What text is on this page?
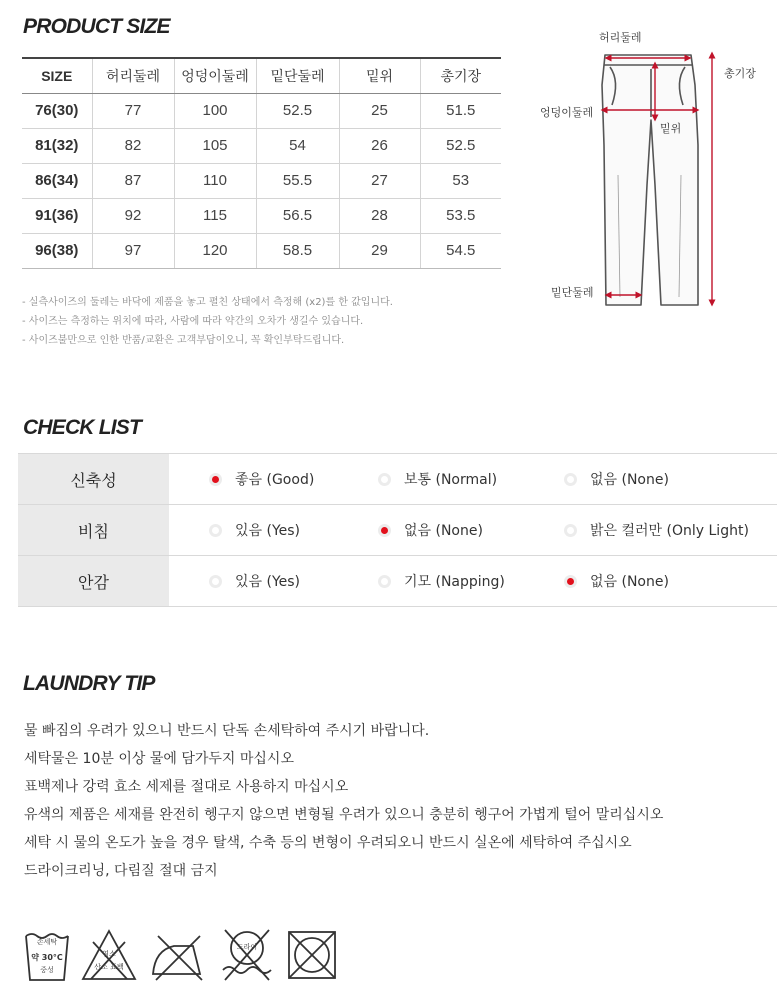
PRODUCT SIZE
SIZE	허리둘레	엉덩이둘레	밑단둘레	밑위	총기장
76(30)	77	100	52.5	25	51.5
81(32)	82	105	54	26	52.5
86(34)	87	110	55.5	27	53
91(36)	92	115	56.5	28	53.5
96(38)	97	120	58.5	29	54.5
- 실측사이즈의 둘레는 바닥에 제품을 놓고 펼친 상태에서 측정해 (x2)를 한 값입니다.
- 사이즈는 측정하는 위치에 따라, 사람에 따라 약간의 오차가 생길수 있습니다.
- 사이즈불만으로 인한 반품/교환은 고객부담이오니, 꼭 확인부탁드립니다.
허리둘레
엉덩이둘레
밑위
총기장
밑단둘레
CHECK LIST
신축성	좋음 (Good)	보통 (Normal)	없음 (None)
비침	있음 (Yes)	없음 (None)	밝은 컬러만 (Only Light)
안감	있음 (Yes)	기모 (Napping)	없음 (None)
LAUNDRY TIP
물 빠짐의 우려가 있으니 반드시 단독 손세탁하여 주시기 바랍니다.
세탁물은 10분 이상 물에 담가두지 마십시오
표백제나 강력 효소 세제를 절대로 사용하지 마십시오
유색의 제품은 세재를 완전히 헹구지 않으면 변형될 우려가 있으니 충분히 헹구어 가볍게 털어 말리십시오
세탁 시 물의 온도가 높을 경우 탈색, 수축 등의 변형이 우려되오니 반드시 실온에 세탁하여 주십시오
드라이크리닝, 다림질 절대 금지
손세탁
약 30°C
중성
염소
산소 표백
드라이
